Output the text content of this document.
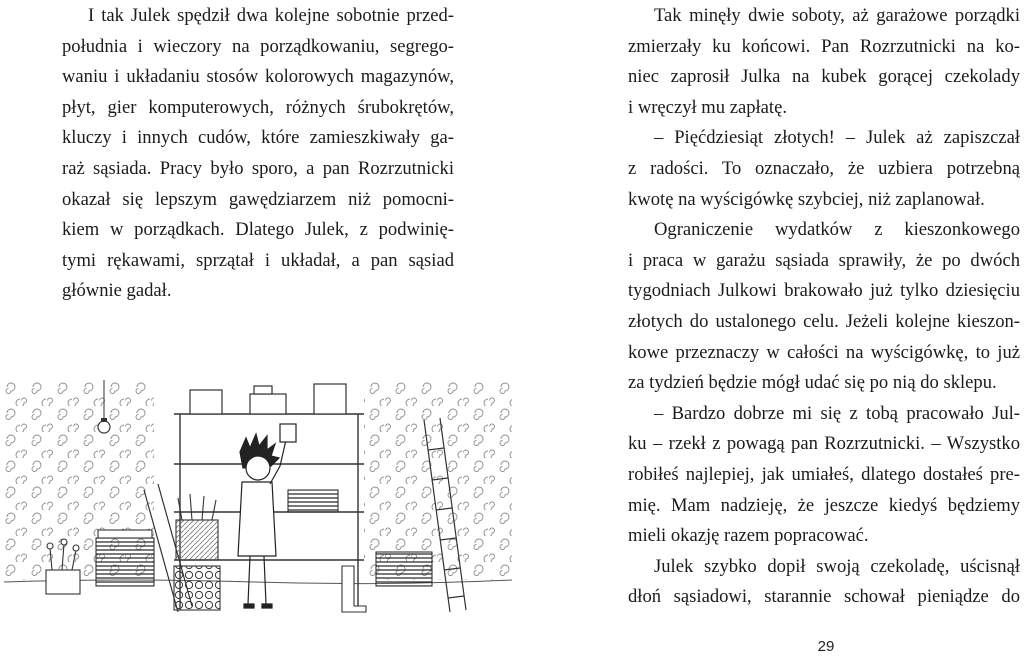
I tak Julek spędził dwa kolejne sobotnie przed-
południa i wieczory na porządkowaniu, segrego-
waniu i układaniu stosów kolorowych magazynów,
płyt, gier komputerowych, różnych śrubokrętów,
kluczy i innych cudów, które zamieszkiwały ga-
raż sąsiada. Pracy było sporo, a pan Rozrzutnicki
okazał się lepszym gawędziarzem niż pomocni-
kiem w porządkach. Dlatego Julek, z podwinię-
tymi rękawami, sprzątał i układał, a pan sąsiad
głównie gadał.
Tak minęły dwie soboty, aż garażowe porządki
zmierzały ku końcowi. Pan Rozrzutnicki na ko-
niec zaprosił Julka na kubek gorącej czekolady
i wręczył mu zapłatę.
– Pięćdziesiąt złotych! – Julek aż zapiszczał
z radości. To oznaczało, że uzbiera potrzebną
kwotę na wyścigówkę szybciej, niż zaplanował.
Ograniczenie wydatków z kieszonkowego
i praca w garażu sąsiada sprawiły, że po dwóch
tygodniach Julkowi brakowało już tylko dziesięciu
złotych do ustalonego celu. Jeżeli kolejne kieszon-
kowe przeznaczy w całości na wyścigówkę, to już
za tydzień będzie mógł udać się po nią do sklepu.
– Bardzo dobrze mi się z tobą pracowało Jul-
ku – rzekł z powagą pan Rozrzutnicki. – Wszystko
robiłeś najlepiej, jak umiałeś, dlatego dostałeś pre-
mię. Mam nadzieję, że jeszcze kiedyś będziemy
mieli okazję razem popracować.
Julek szybko dopił swoją czekoladę, uścisnął
dłoń sąsiadowi, starannie schował pieniądze do
29
